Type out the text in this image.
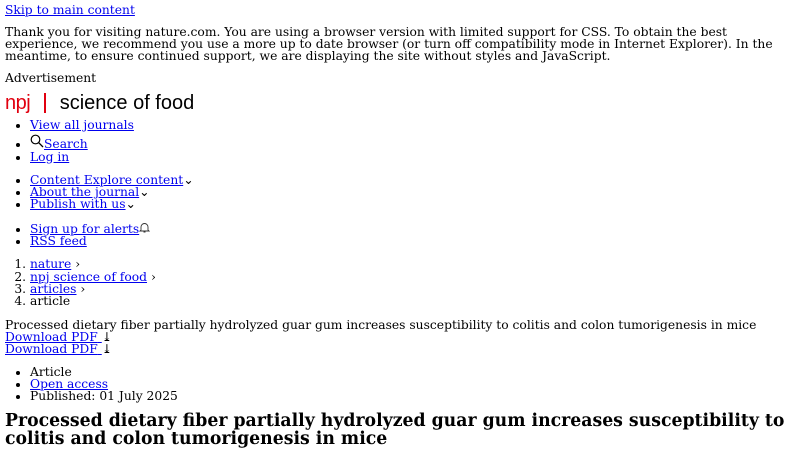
Skip to main content

Thank you for visiting nature.com. You are using a browser version with limited support for CSS. To obtain the best experience, we recommend you use a more up to date browser (or turn off compatibility mode in Internet Explorer). In the meantime, to ensure continued support, we are displaying the site without styles and JavaScript.

Advertisement

npj science of food
• View all journals
• Search
• Log in
• Content Explore content⌄
• About the journal⌄
• Publish with us⌄
• Sign up for alerts
• RSS feed
1. nature ›
2. npj science of food ›
3. articles ›
4. article

Processed dietary fiber partially hydrolyzed guar gum increases susceptibility to colitis and colon tumorigenesis in mice

Download PDF ⤓
Download PDF ⤓
• Article
• Open access
• Published: 01 July 2025
Processed dietary fiber partially hydrolyzed guar gum increases susceptibility to colitis and colon tumorigenesis in mice
